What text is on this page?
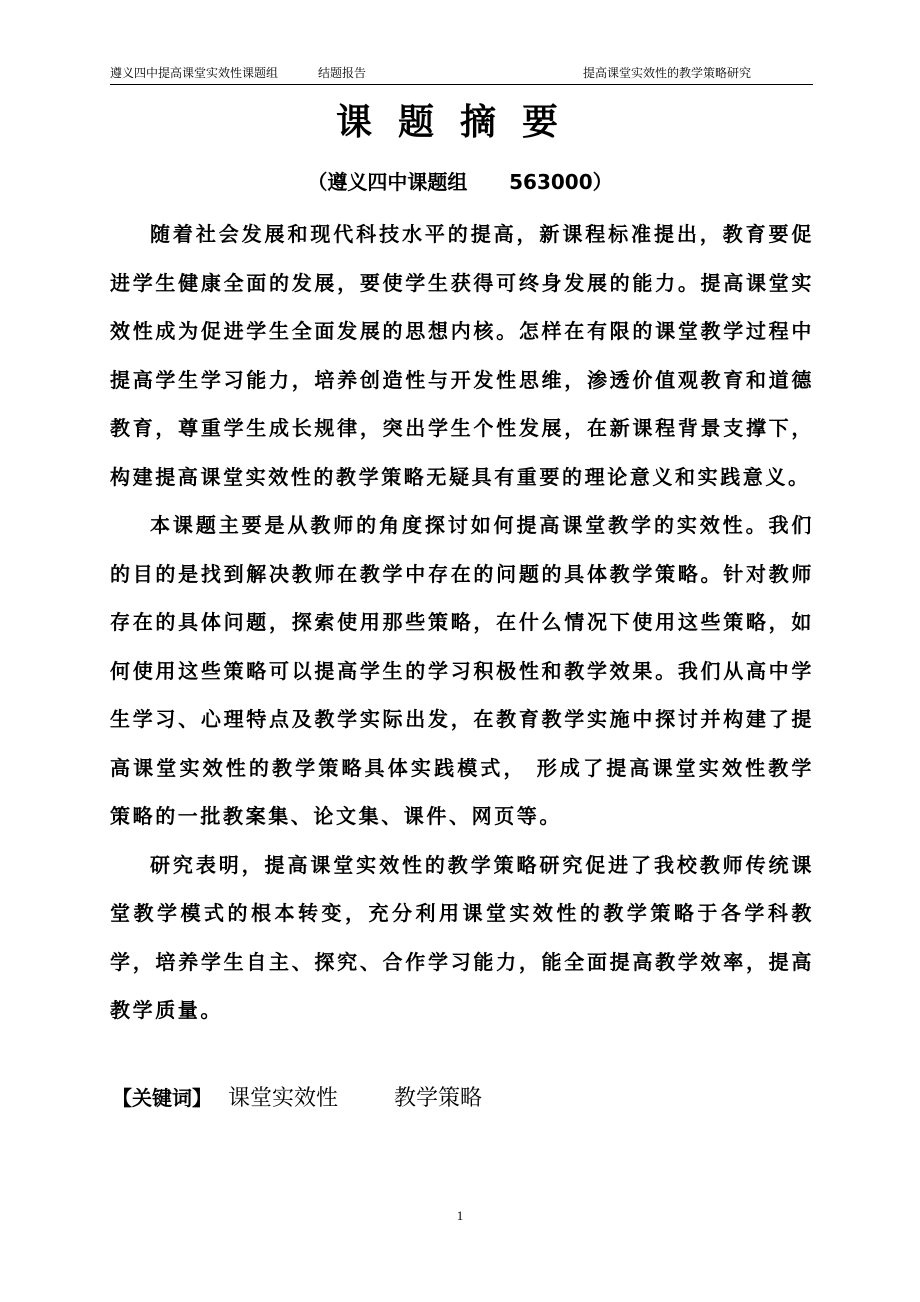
遵义四中提高课堂实效性课题组	结题报告	提高课堂实效性的教学策略研究
课题摘要
（遵义四中课题组      563000）

随着社会发展和现代科技水平的提高，新课程标准提出，教育要促进学生健康全面的发展，要使学生获得可终身发展的能力。提高课堂实效性成为促进学生全面发展的思想内核。怎样在有限的课堂教学过程中提高学生学习能力，培养创造性与开发性思维，渗透价值观教育和道德教育，尊重学生成长规律，突出学生个性发展，在新课程背景支撑下，构建提高课堂实效性的教学策略无疑具有重要的理论意义和实践意义。

本课题主要是从教师的角度探讨如何提高课堂教学的实效性。我们的目的是找到解决教师在教学中存在的问题的具体教学策略。针对教师存在的具体问题，探索使用那些策略，在什么情况下使用这些策略，如何使用这些策略可以提高学生的学习积极性和教学效果。我们从高中学生学习、心理特点及教学实际出发，在教育教学实施中探讨并构建了提高课堂实效性的教学策略具体实践模式， 形成了提高课堂实效性教学策略的一批教案集、论文集、课件、网页等。

研究表明，提高课堂实效性的教学策略研究促进了我校教师传统课堂教学模式的根本转变，充分利用课堂实效性的教学策略于各学科教学，培养学生自主、探究、合作学习能力，能全面提高教学效率，提高教学质量。

【关键词】 课堂实效性	教学策略
1
